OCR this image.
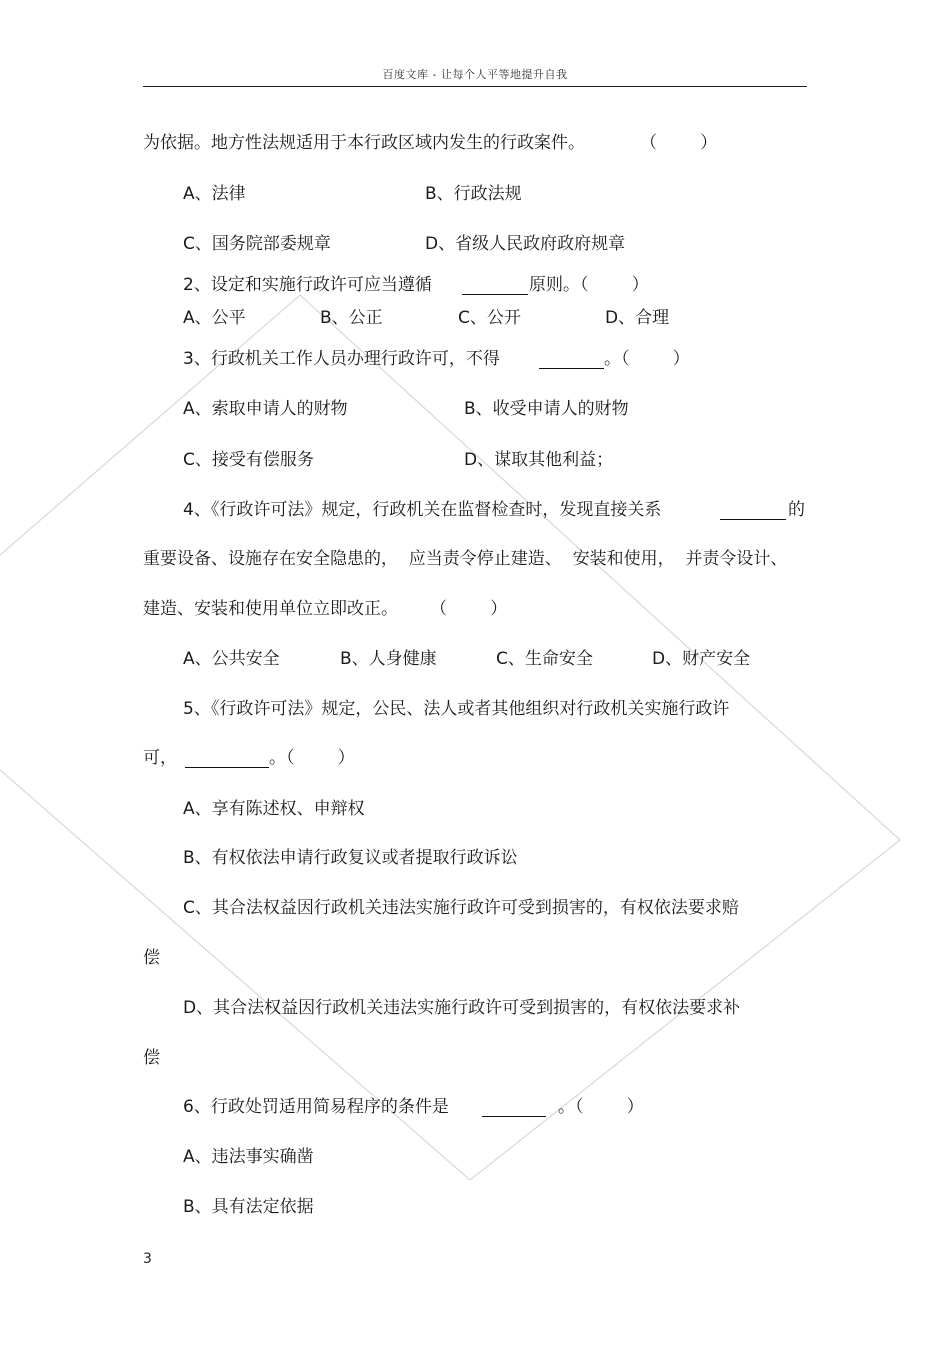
百度文库 - 让每个人平等地提升自我
为依据。地方性法规适用于本行政区域内发生的行政案件。	（        ）
A、法律	B、行政法规
C、国务院部委规章	D、省级人民政府政府规章
2、设定和实施行政许可应当遵循	原则。（        ）
A、公平	B、公正	C、公开	D、合理
3、行政机关工作人员办理行政许可，不得	。（        ）
A、索取申请人的财物	B、收受申请人的财物
C、接受有偿服务	D、谋取其他利益；
4、《行政许可法》规定，行政机关在监督检查时，发现直接关系	的
重要设备、设施存在安全隐患的，  应当责令停止建造、  安装和使用，  并责令设计、
建造、安装和使用单位立即改正。 （        ）
A、公共安全	B、人身健康	C、生命安全	D、财产安全
5、《行政许可法》规定，公民、法人或者其他组织对行政机关实施行政许
可，	。（        ）
A、享有陈述权、申辩权
B、有权依法申请行政复议或者提取行政诉讼
C、其合法权益因行政机关违法实施行政许可受到损害的，有权依法要求赔
偿
D、其合法权益因行政机关违法实施行政许可受到损害的，有权依法要求补
偿
6、行政处罚适用简易程序的条件是	。（        ）
A、违法事实确凿
B、具有法定依据
3
